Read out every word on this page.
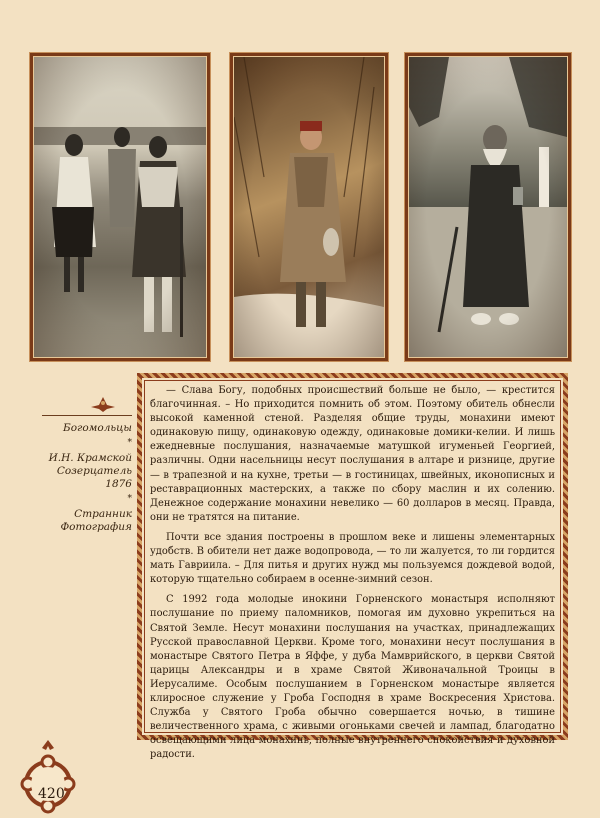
Богомольцы
*
И.Н. Крамской
Созерцатель
1876
*
Странник
Фотография

— Слава Богу, подобных происшествий больше не было, — крестится благочинная. – Но приходится помнить об этом. Поэтому обитель обнесли высокой каменной стеной. Разделяя общие труды, монахини имеют одинаковую пищу, одинаковую одежду, одинаковые домики-келии. И лишь ежедневные послушания, назначаемые матушкой игуменьей Георгией, различны. Одни насельницы несут послушания в алтаре и ризнице, другие — в трапезной и на кухне, третьи — в гостиницах, швейных, иконописных и реставрационных мастерских, а также по сбору маслин и их солению. Денежное содержание монахини невелико — 60 долларов в месяц. Правда, они не тратятся на питание.

Почти все здания построены в прошлом веке и лишены элементарных удобств. В обители нет даже водопровода, — то ли жалуется, то ли гордится мать Гавриила. – Для питья и других нужд мы пользуемся дождевой водой, которую тщательно собираем в осенне-зимний сезон.

С 1992 года молодые инокини Горненского монастыря исполняют послушание по приему паломников, помогая им духовно укрепиться на Святой Земле. Несут монахини послушания на участках, принадлежащих Русской православной Церкви. Кроме того, монахини несут послушания в монастыре Святого Петра в Яффе, у дуба Мамврийского, в церкви Святой царицы Александры и в храме Святой Живоначальной Троицы в Иерусалиме. Особым послушанием в Горненском монастыре является клиросное служение у Гроба Господня в храме Воскресения Христова. Служба у Святого Гроба обычно совершается ночью, в тишине величественного храма, с живыми огоньками свечей и лампад, благодатно освещающими лица монахинь, полные внутреннего спокойствия и духовной радости.

420
